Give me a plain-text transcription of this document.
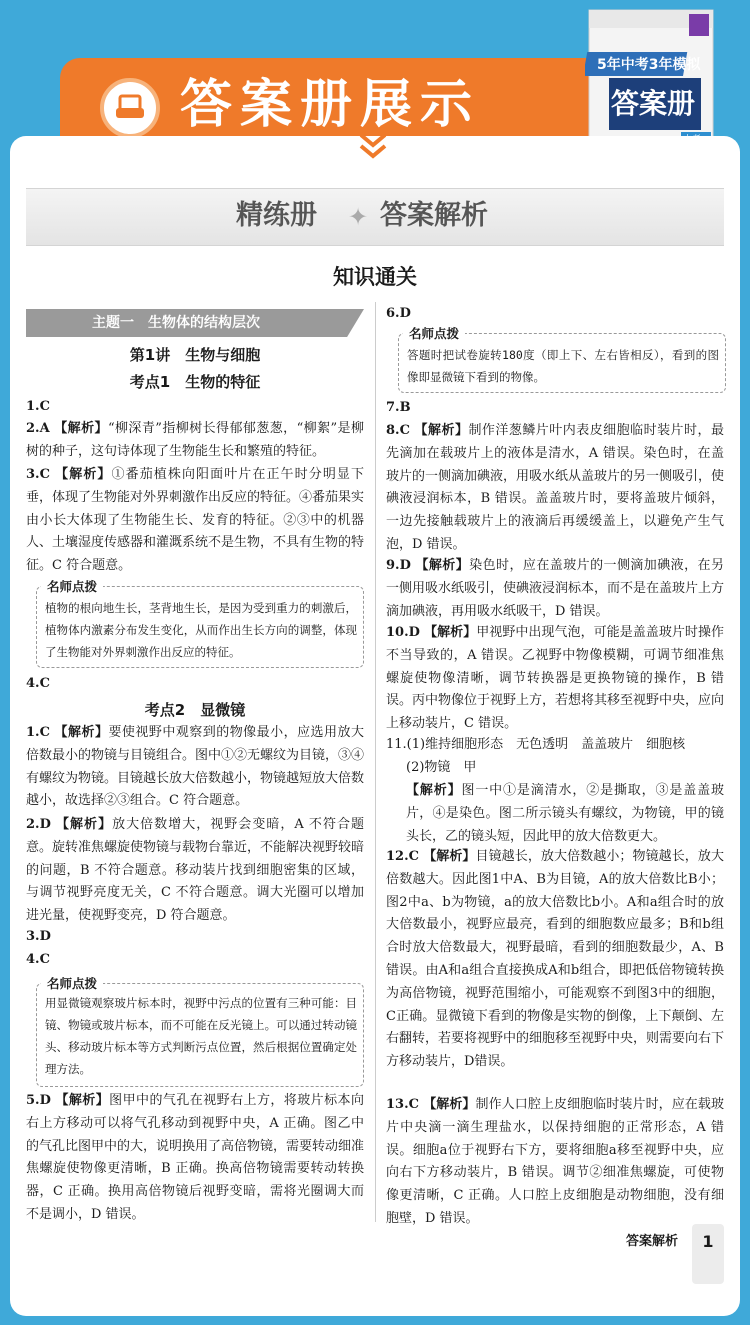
答案册展示
5年中考3年模拟
答案册
精练册	✦ 答案解析
知识通关
主题一　生物体的结构层次
第1讲　生物与细胞
考点1　生物的特征
1.C
2.A 【解析】“柳深青”指柳树长得郁郁葱葱，“柳絮”是柳树的种子，这句诗体现了生物能生长和繁殖的特征。
3.C 【解析】①番茄植株向阳面叶片在正午时分明显下垂，体现了生物能对外界刺激作出反应的特征。④番茄果实由小长大体现了生物能生长、发育的特征。②③中的机器人、土壤湿度传感器和灌溉系统不是生物，不具有生物的特征。C 符合题意。
名师点拨
植物的根向地生长，茎背地生长，是因为受到重力的刺激后，植物体内激素分布发生变化，从而作出生长方向的调整，体现了生物能对外界刺激作出反应的特征。
4.C
考点2　显微镜
1.C 【解析】要使视野中观察到的物像最小，应选用放大倍数最小的物镜与目镜组合。图中①②无螺纹为目镜，③④有螺纹为物镜。目镜越长放大倍数越小，物镜越短放大倍数越小，故选择②③组合。C 符合题意。
2.D 【解析】放大倍数增大，视野会变暗，A 不符合题意。旋转准焦螺旋使物镜与载物台靠近，不能解决视野较暗的问题，B 不符合题意。移动装片找到细胞密集的区域，与调节视野亮度无关，C 不符合题意。调大光圈可以增加进光量，使视野变亮，D 符合题意。
3.D
4.C
名师点拨
用显微镜观察玻片标本时，视野中污点的位置有三种可能：目镜、物镜或玻片标本，而不可能在反光镜上。可以通过转动镜头、移动玻片标本等方式判断污点位置，然后根据位置确定处理方法。
5.D 【解析】图甲中的气孔在视野右上方，将玻片标本向右上方移动可以将气孔移动到视野中央，A 正确。图乙中的气孔比图甲中的大，说明换用了高倍物镜，需要转动细准焦螺旋使物像更清晰，B 正确。换高倍物镜需要转动转换器，C 正确。换用高倍物镜后视野变暗，需将光圈调大而不是调小，D 错误。
6.D
名师点拨
答题时把试卷旋转180度（即上下、左右皆相反），看到的图像即显微镜下看到的物像。
7.B
8.C 【解析】制作洋葱鳞片叶内表皮细胞临时装片时，最先滴加在载玻片上的液体是清水，A 错误。染色时，在盖玻片的一侧滴加碘液，用吸水纸从盖玻片的另一侧吸引，使碘液浸润标本，B 错误。盖盖玻片时，要将盖玻片倾斜，一边先接触载玻片上的液滴后再缓缓盖上，以避免产生气泡，D 错误。
9.D 【解析】染色时，应在盖玻片的一侧滴加碘液，在另一侧用吸水纸吸引，使碘液浸润标本，而不是在盖玻片上方滴加碘液，再用吸水纸吸干，D 错误。
10.D 【解析】甲视野中出现气泡，可能是盖盖玻片时操作不当导致的，A 错误。乙视野中物像模糊，可调节细准焦螺旋使物像清晰，调节转换器是更换物镜的操作，B 错误。丙中物像位于视野上方，若想将其移至视野中央，应向上移动装片，C 错误。
11.(1)维持细胞形态　无色透明　盖盖玻片　细胞核
(2)物镜　甲
【解析】图一中①是滴清水，②是撕取，③是盖盖玻片，④是染色。图二所示镜头有螺纹，为物镜，甲的镜头长，乙的镜头短，因此甲的放大倍数更大。
12.C 【解析】目镜越长，放大倍数越小；物镜越长，放大倍数越大。因此图1中A、B为目镜，A的放大倍数比B小；图2中a、b为物镜，a的放大倍数比b小。A和a组合时的放大倍数最小，视野应最亮，看到的细胞数应最多；B和b组合时放大倍数最大，视野最暗，看到的细胞数最少，A、B错误。由A和a组合直接换成A和b组合，即把低倍物镜转换为高倍物镜，视野范围缩小，可能观察不到图3中的细胞，C正确。显微镜下看到的物像是实物的倒像，上下颠倒、左右翻转，若要将视野中的细胞移至视野中央，则需要向右下方移动装片，D错误。
13.C 【解析】制作人口腔上皮细胞临时装片时，应在载玻片中央滴一滴生理盐水，以保持细胞的正常形态，A 错误。细胞a位于视野右下方，要将细胞a移至视野中央，应向右下方移动装片，B 错误。调节②细准焦螺旋，可使物像更清晰，C 正确。人口腔上皮细胞是动物细胞，没有细胞壁，D 错误。
答案解析	1
